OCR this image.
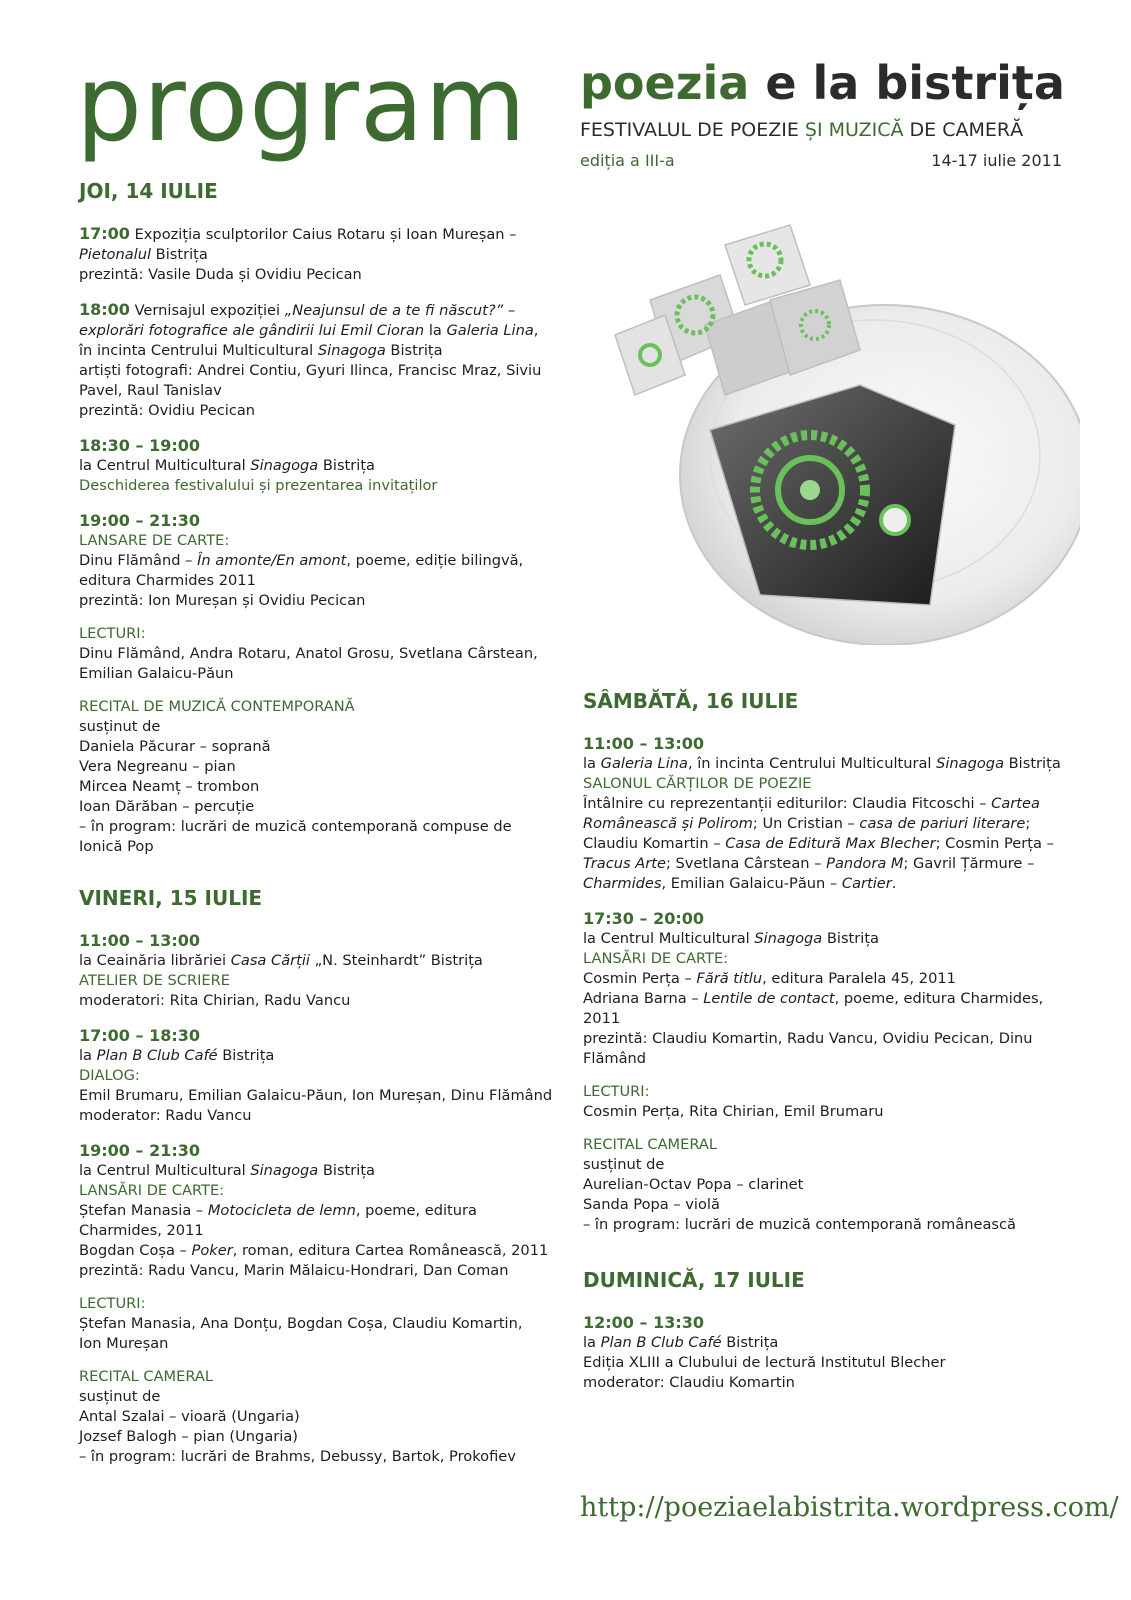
program poezia e la bistrița
FESTIVALUL DE POEZIE ȘI MUZICĂ DE CAMERĂ
ediția a III-a	14-17 iulie 2011
JOI, 14 IULIE
17:00 Expoziția sculptorilor Caius Rotaru și Ioan Mureșan –
Pietonalul Bistrița
prezintă: Vasile Duda și Ovidiu Pecican
18:00 Vernisajul expoziției „Neajunsul de a te fi născut?” –
explorări fotografice ale gândirii lui Emil Cioran la Galeria Lina,
în incinta Centrului Multicultural Sinagoga Bistrița
artiști fotografi: Andrei Contiu, Gyuri Ilinca, Francisc Mraz, Siviu Pavel, Raul Tanislav
prezintă: Ovidiu Pecican
18:30 – 19:00
la Centrul Multicultural Sinagoga Bistrița
Deschiderea festivalului și prezentarea invitaților
19:00 – 21:30
LANSARE DE CARTE:
Dinu Flămând – În amonte/En amont, poeme, ediție bilingvă,
editura Charmides 2011
prezintă: Ion Mureșan și Ovidiu Pecican
LECTURI:
Dinu Flămând, Andra Rotaru, Anatol Grosu, Svetlana Cârstean,
Emilian Galaicu-Păun
RECITAL DE MUZICĂ CONTEMPORANĂ
susținut de
Daniela Păcurar – soprană
Vera Negreanu – pian
Mircea Neamț – trombon
Ioan Dărăban – percuție
– în program: lucrări de muzică contemporană compuse de
Ionică Pop
VINERI, 15 IULIE
11:00 – 13:00
la Ceainăria librăriei Casa Cărții „N. Steinhardt” Bistrița
ATELIER DE SCRIERE
moderatori: Rita Chirian, Radu Vancu
17:00 – 18:30
la Plan B Club Café Bistrița
DIALOG:
Emil Brumaru, Emilian Galaicu-Păun, Ion Mureșan, Dinu Flămând
moderator: Radu Vancu
19:00 – 21:30
la Centrul Multicultural Sinagoga Bistrița
LANSĂRI DE CARTE:
Ștefan Manasia – Motocicleta de lemn, poeme, editura Charmides, 2011
Bogdan Coșa – Poker, roman, editura Cartea Românească, 2011
prezintă: Radu Vancu, Marin Mălaicu-Hondrari, Dan Coman
LECTURI:
Ștefan Manasia, Ana Donțu, Bogdan Coșa, Claudiu Komartin,
Ion Mureșan
RECITAL CAMERAL
susținut de
Antal Szalai – vioară (Ungaria)
Jozsef Balogh – pian (Ungaria)
– în program: lucrări de Brahms, Debussy, Bartok, Prokofiev
SÂMBĂTĂ, 16 IULIE
11:00 – 13:00
la Galeria Lina, în incinta Centrului Multicultural Sinagoga Bistrița
SALONUL CĂRȚILOR DE POEZIE
Întâlnire cu reprezentanții editurilor: Claudia Fitcoschi – Cartea Românească și Polirom; Un Cristian – casa de pariuri literare; Claudiu Komartin – Casa de Editură Max Blecher; Cosmin Perța – Tracus Arte; Svetlana Cârstean – Pandora M; Gavril Țărmure – Charmides, Emilian Galaicu-Păun – Cartier.
17:30 – 20:00
la Centrul Multicultural Sinagoga Bistrița
LANSĂRI DE CARTE:
Cosmin Perța – Fără titlu, editura Paralela 45, 2011
Adriana Barna – Lentile de contact, poeme, editura Charmides, 2011
prezintă: Claudiu Komartin, Radu Vancu, Ovidiu Pecican, Dinu Flămând
LECTURI:
Cosmin Perța, Rita Chirian, Emil Brumaru
RECITAL CAMERAL
susținut de
Aurelian-Octav Popa – clarinet
Sanda Popa – violă
– în program: lucrări de muzică contemporană românească
DUMINICĂ, 17 IULIE
12:00 – 13:30
la Plan B Club Café Bistrița
Ediția XLIII a Clubului de lectură Institutul Blecher
moderator: Claudiu Komartin
http://poeziaelabistrita.wordpress.com/
